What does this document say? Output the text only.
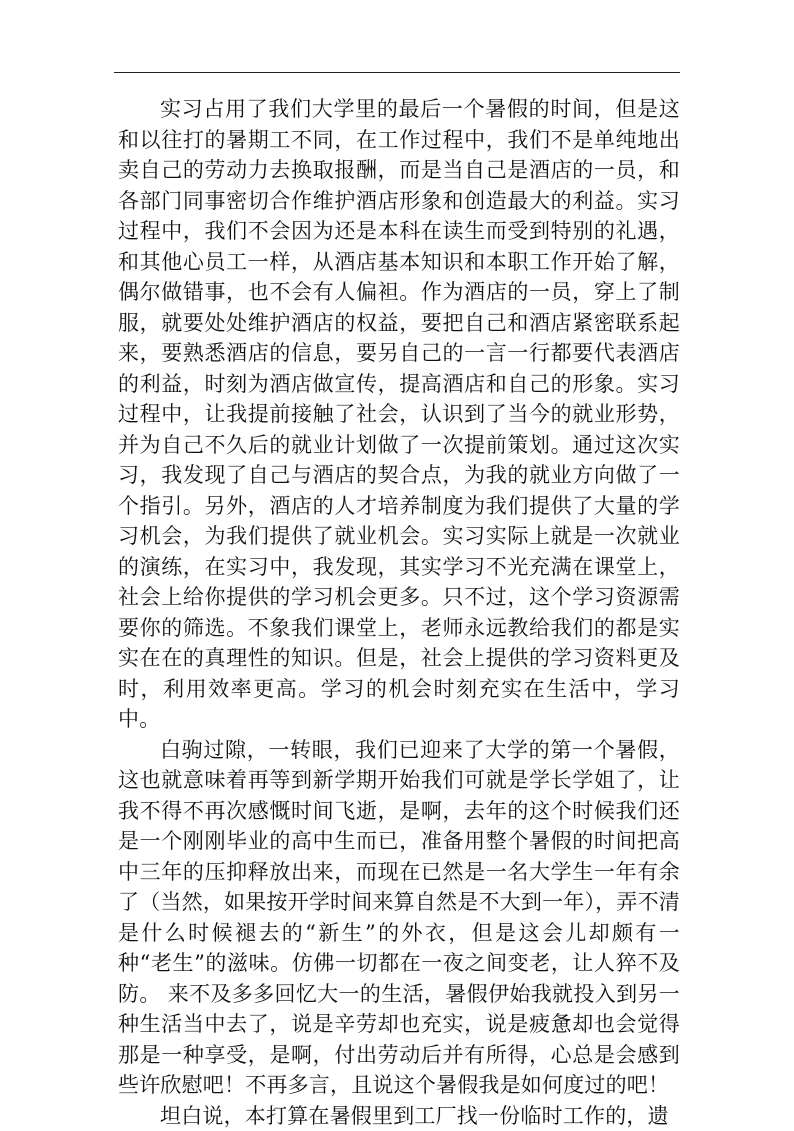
实习占用了我们大学里的最后一个暑假的时间，但是这和以往打的暑期工不同，在工作过程中，我们不是单纯地出卖自己的劳动力去换取报酬，而是当自己是酒店的一员，和各部门同事密切合作维护酒店形象和创造最大的利益。实习过程中，我们不会因为还是本科在读生而受到特别的礼遇，和其他心员工一样，从酒店基本知识和本职工作开始了解，偶尔做错事，也不会有人偏袒。作为酒店的一员，穿上了制服，就要处处维护酒店的权益，要把自己和酒店紧密联系起来，要熟悉酒店的信息，要另自己的一言一行都要代表酒店的利益，时刻为酒店做宣传，提高酒店和自己的形象。实习过程中，让我提前接触了社会，认识到了当今的就业形势，并为自己不久后的就业计划做了一次提前策划。通过这次实习，我发现了自己与酒店的契合点，为我的就业方向做了一个指引。另外，酒店的人才培养制度为我们提供了大量的学习机会，为我们提供了就业机会。实习实际上就是一次就业的演练，在实习中，我发现，其实学习不光充满在课堂上，社会上给你提供的学习机会更多。只不过，这个学习资源需要你的筛选。不象我们课堂上，老师永远教给我们的都是实实在在的真理性的知识。但是，社会上提供的学习资料更及时，利用效率更高。学习的机会时刻充实在生活中，学习中。

白驹过隙，一转眼，我们已迎来了大学的第一个暑假，这也就意味着再等到新学期开始我们可就是学长学姐了，让我不得不再次感慨时间飞逝，是啊，去年的这个时候我们还是一个刚刚毕业的高中生而已，准备用整个暑假的时间把高中三年的压抑释放出来，而现在已然是一名大学生一年有余了（当然，如果按开学时间来算自然是不大到一年），弄不清是什么时候褪去的“新生”的外衣，但是这会儿却颇有一种“老生”的滋味。仿佛一切都在一夜之间变老，让人猝不及防。 来不及多多回忆大一的生活，暑假伊始我就投入到另一种生活当中去了，说是辛劳却也充实，说是疲惫却也会觉得那是一种享受，是啊，付出劳动后并有所得，心总是会感到些许欣慰吧！不再多言，且说这个暑假我是如何度过的吧！

坦白说，本打算在暑假里到工厂找一份临时工作的，遗
